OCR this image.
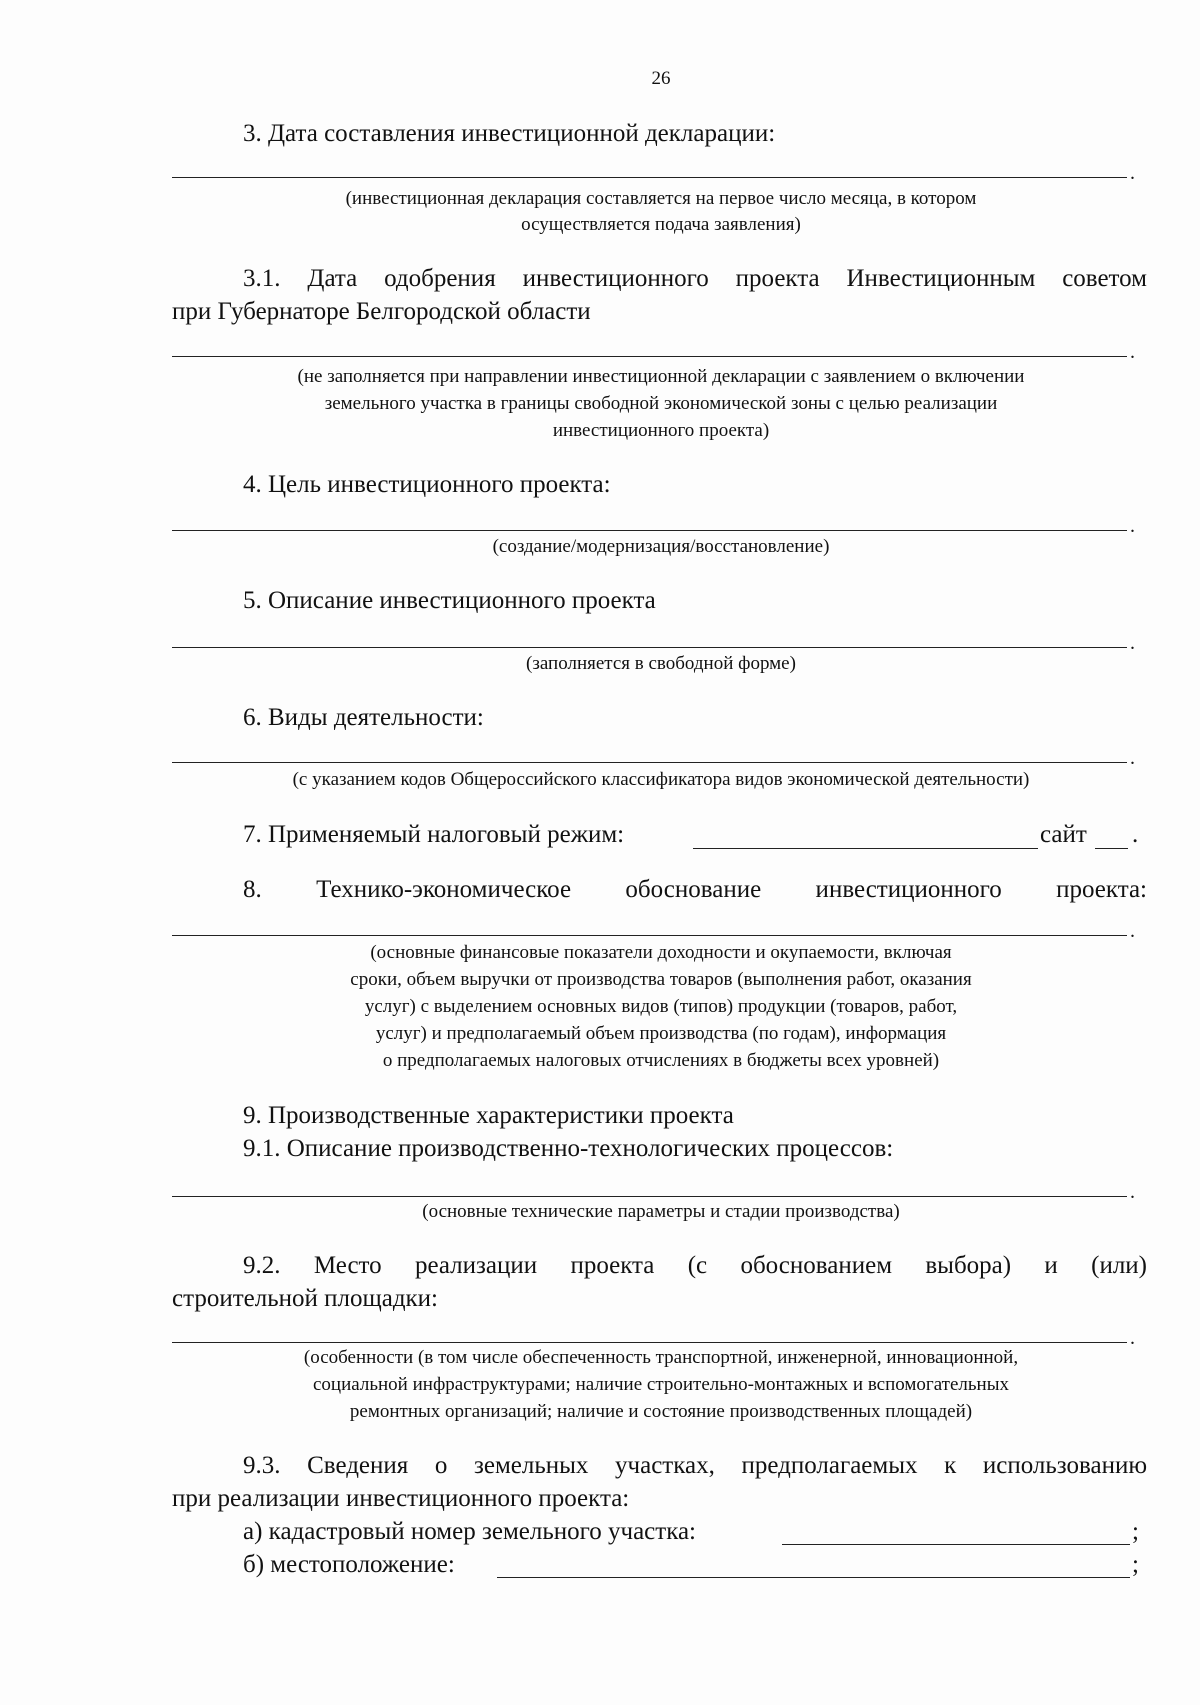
26
3. Дата составления инвестиционной декларации:
.
(инвестиционная декларация составляется на первое число месяца, в котором
осуществляется подача заявления)
3.1. Дата одобрения инвестиционного проекта Инвестиционным советом
при Губернаторе Белгородской области
.
(не заполняется при направлении инвестиционной декларации с заявлением о включении
земельного участка в границы свободной экономической зоны с целью реализации
инвестиционного проекта)
4. Цель инвестиционного проекта:
.
(создание/модернизация/восстановление)
5. Описание инвестиционного проекта
.
(заполняется в свободной форме)
6. Виды деятельности:
.
(с указанием кодов Общероссийского классификатора видов экономической деятельности)
7. Применяемый налоговый режим:	сайт .
8. Технико-экономическое обоснование инвестиционного проекта:
.
(основные финансовые показатели доходности и окупаемости, включая
сроки, объем выручки от производства товаров (выполнения работ, оказания
услуг) с выделением основных видов (типов) продукции (товаров, работ,
услуг) и предполагаемый объем производства (по годам), информация
о предполагаемых налоговых отчислениях в бюджеты всех уровней)
9. Производственные характеристики проекта
9.1. Описание производственно-технологических процессов:
.
(основные технические параметры и стадии производства)
9.2. Место реализации проекта (с обоснованием выбора) и (или)
строительной площадки:
.
(особенности (в том числе обеспеченность транспортной, инженерной, инновационной,
социальной инфраструктурами; наличие строительно-монтажных и вспомогательных
ремонтных организаций; наличие и состояние производственных площадей)
9.3. Сведения о земельных участках, предполагаемых к использованию
при реализации инвестиционного проекта:
а) кадастровый номер земельного участка:	;
б) местоположение:	;
